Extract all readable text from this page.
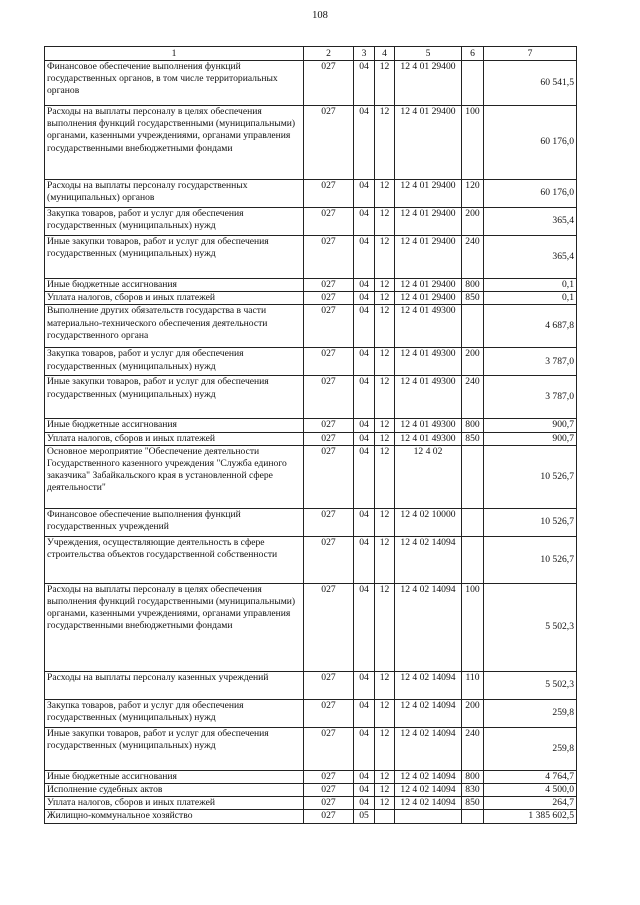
108
1	2	3	4	5	6	7
Финансовое обеспечение выполнения функций государственных органов, в том числе территориальных органов	027	04	12	12 4 01 29400		60 541,5
Расходы на выплаты персоналу в целях обеспечения выполнения функций государственными (муниципальными) органами, казенными учреждениями, органами управления государственными внебюджетными фондами	027	04	12	12 4 01 29400	100	60 176,0
Расходы на выплаты персоналу государственных (муниципальных) органов	027	04	12	12 4 01 29400	120	60 176,0
Закупка товаров, работ и услуг для обеспечения государственных (муниципальных) нужд	027	04	12	12 4 01 29400	200	365,4
Иные закупки товаров, работ и услуг для обеспечения государственных (муниципальных) нужд	027	04	12	12 4 01 29400	240	365,4
Иные бюджетные ассигнования	027	04	12	12 4 01 29400	800	0,1
Уплата налогов, сборов и иных платежей	027	04	12	12 4 01 29400	850	0,1
Выполнение других обязательств государства в части материально-технического обеспечения деятельности государственного органа	027	04	12	12 4 01 49300		4 687,8
Закупка товаров, работ и услуг для обеспечения государственных (муниципальных) нужд	027	04	12	12 4 01 49300	200	3 787,0
Иные закупки товаров, работ и услуг для обеспечения государственных (муниципальных) нужд	027	04	12	12 4 01 49300	240	3 787,0
Иные бюджетные ассигнования	027	04	12	12 4 01 49300	800	900,7
Уплата налогов, сборов и иных платежей	027	04	12	12 4 01 49300	850	900,7
Основное мероприятие "Обеспечение деятельности Государственного казенного учреждения "Служба единого заказчика" Забайкальского края в установленной сфере деятельности"	027	04	12	12 4 02		10 526,7
Финансовое обеспечение выполнения функций государственных учреждений	027	04	12	12 4 02 10000		10 526,7
Учреждения, осуществляющие деятельность в сфере строительства объектов государственной собственности	027	04	12	12 4 02 14094		10 526,7
Расходы на выплаты персоналу в целях обеспечения выполнения функций государственными (муниципальными) органами, казенными учреждениями, органами управления государственными внебюджетными фондами	027	04	12	12 4 02 14094	100	5 502,3
Расходы на выплаты персоналу казенных учреждений	027	04	12	12 4 02 14094	110	5 502,3
Закупка товаров, работ и услуг для обеспечения государственных (муниципальных) нужд	027	04	12	12 4 02 14094	200	259,8
Иные закупки товаров, работ и услуг для обеспечения государственных (муниципальных) нужд	027	04	12	12 4 02 14094	240	259,8
Иные бюджетные ассигнования	027	04	12	12 4 02 14094	800	4 764,7
Исполнение судебных актов	027	04	12	12 4 02 14094	830	4 500,0
Уплата налогов, сборов и иных платежей	027	04	12	12 4 02 14094	850	264,7
Жилищно-коммунальное хозяйство	027	05				1 385 602,5
